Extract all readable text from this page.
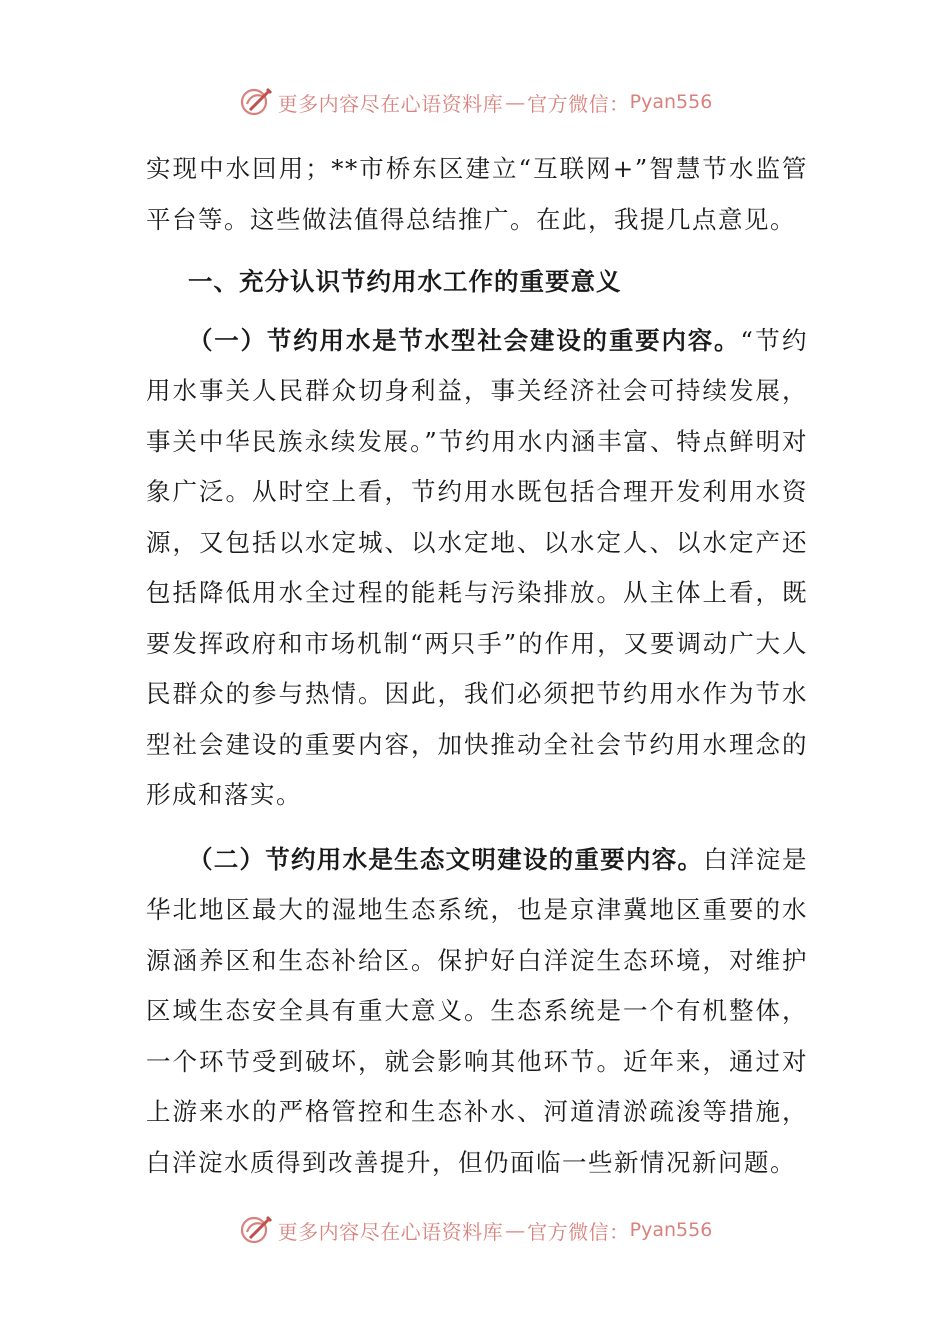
更多内容尽在心语资料库 — 官方微信： Pyan556

实现中水回用；**市桥东区建立“互联网+”智慧节水监管平台等。这些做法值得总结推广。在此，我提几点意见。

一、充分认识节约用水工作的重要意义

（一）节约用水是节水型社会建设的重要内容。“节约用水事关人民群众切身利益，事关经济社会可持续发展，事关中华民族永续发展。”节约用水内涵丰富、特点鲜明对象广泛。从时空上看，节约用水既包括合理开发利用水资源，又包括以水定城、以水定地、以水定人、以水定产还包括降低用水全过程的能耗与污染排放。从主体上看，既要发挥政府和市场机制“两只手”的作用，又要调动广大人民群众的参与热情。因此，我们必须把节约用水作为节水型社会建设的重要内容，加快推动全社会节约用水理念的形成和落实。

（二）节约用水是生态文明建设的重要内容。白洋淀是华北地区最大的湿地生态系统，也是京津冀地区重要的水源涵养区和生态补给区。保护好白洋淀生态环境，对维护区域生态安全具有重大意义。生态系统是一个有机整体，一个环节受到破坏，就会影响其他环节。近年来，通过对上游来水的严格管控和生态补水、河道清淤疏浚等措施，白洋淀水质得到改善提升，但仍面临一些新情况新问题。

更多内容尽在心语资料库 — 官方微信： Pyan556
